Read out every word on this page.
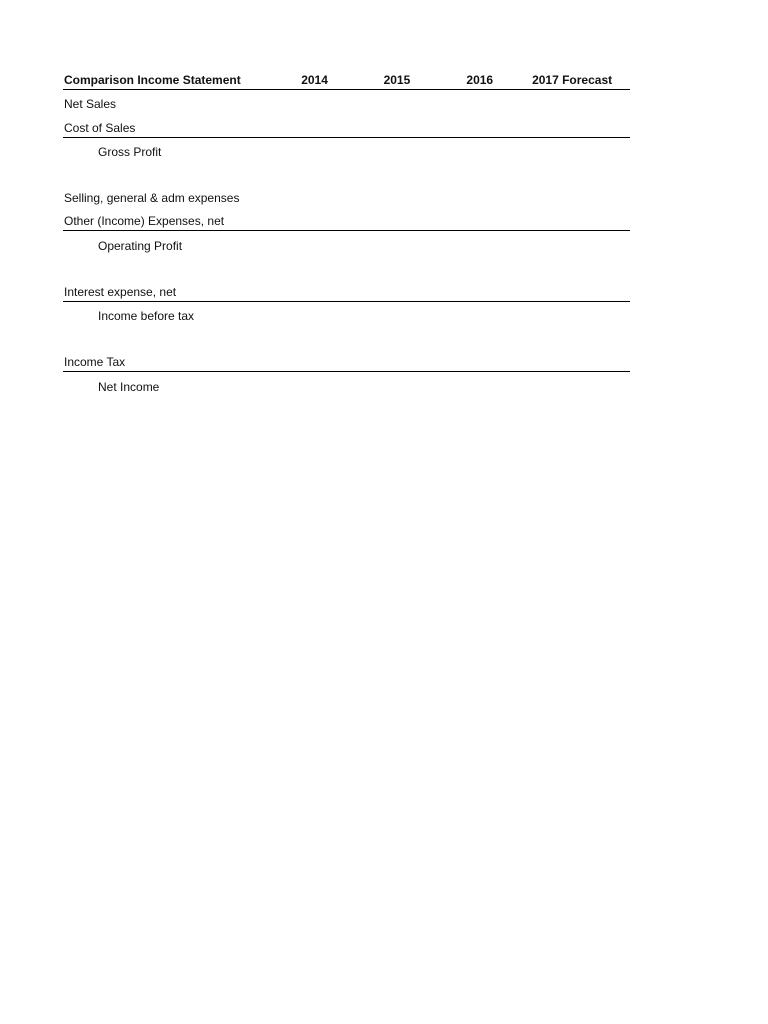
Comparison Income Statement	2014	2015	2016	2017 Forecast
Net Sales
Cost of Sales
Gross Profit
Selling, general & adm expenses
Other (Income) Expenses, net
Operating Profit
Interest expense, net
Income before tax
Income Tax
Net Income
